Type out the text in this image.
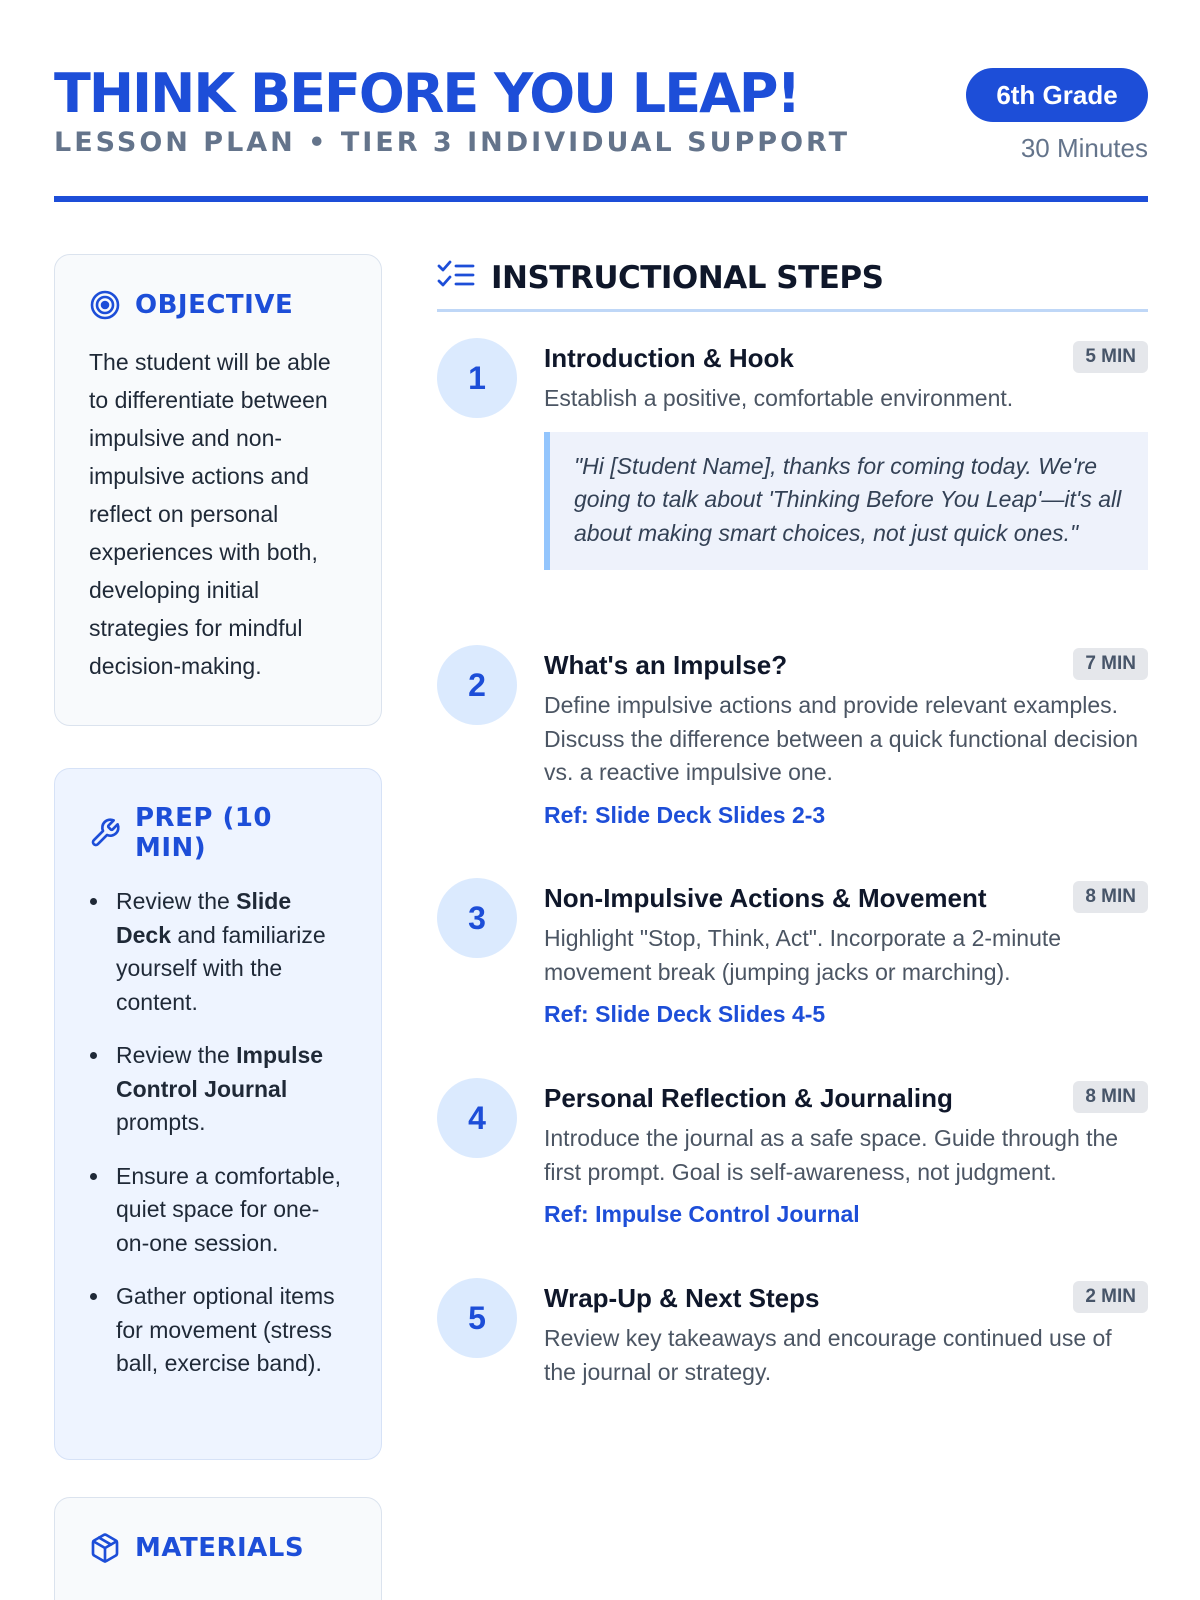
THINK BEFORE YOU LEAP!
LESSON PLAN • TIER 3 INDIVIDUAL SUPPORT
6th Grade
30 Minutes
OBJECTIVE
The student will be able to differentiate between impulsive and non-impulsive actions and reflect on personal experiences with both, developing initial strategies for mindful decision-making.
PREP (10 MIN)
Review the Slide Deck and familiarize yourself with the content.
Review the Impulse Control Journal prompts.
Ensure a comfortable, quiet space for one-on-one session.
Gather optional items for movement (stress ball, exercise band).
MATERIALS
INSTRUCTIONAL STEPS
1
Introduction & Hook	5 MIN
Establish a positive, comfortable environment.
"Hi [Student Name], thanks for coming today. We're going to talk about 'Thinking Before You Leap'—it's all about making smart choices, not just quick ones."
2
What's an Impulse?	7 MIN
Define impulsive actions and provide relevant examples. Discuss the difference between a quick functional decision vs. a reactive impulsive one.
Ref: Slide Deck Slides 2-3
3
Non-Impulsive Actions & Movement	8 MIN
Highlight "Stop, Think, Act". Incorporate a 2-minute movement break (jumping jacks or marching).
Ref: Slide Deck Slides 4-5
4
Personal Reflection & Journaling	8 MIN
Introduce the journal as a safe space. Guide through the first prompt. Goal is self-awareness, not judgment.
Ref: Impulse Control Journal
5
Wrap-Up & Next Steps	2 MIN
Review key takeaways and encourage continued use of the journal or strategy.
